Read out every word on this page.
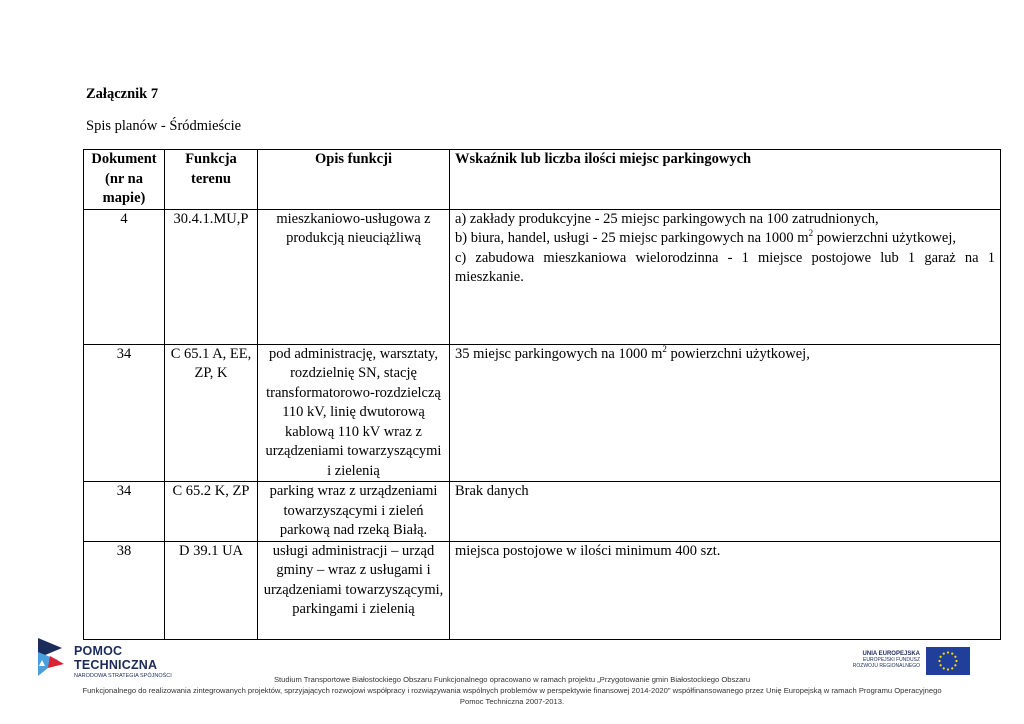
Załącznik 7
Spis planów - Śródmieście
Dokument (nr na mapie)	Funkcja terenu	Opis funkcji	Wskaźnik lub liczba ilości miejsc parkingowych
4	30.4.1.MU,P	mieszkaniowo-usługowa z produkcją nieuciążliwą	a) zakłady produkcyjne - 25 miejsc parkingowych na 100 zatrudnionych,
b) biura, handel, usługi - 25 miejsc parkingowych na 1000 $m^2$ powierzchni użytkowej,
c) zabudowa mieszkaniowa wielorodzinna - 1 miejsce postojowe lub 1 garaż na 1 mieszkanie.

34	C 65.1 A, EE, ZP, K	pod administrację, warsztaty, rozdzielnię SN, stację transformatorowo-rozdzielczą 110 kV, linię dwutorową kablową 110 kV wraz z urządzeniami towarzyszącymi i zielenią	35 miejsc parkingowych na 1000 $m^2$ powierzchni użytkowej,
34	C 65.2 K, ZP	parking wraz z urządzeniami towarzyszącymi i zieleń parkową nad rzeką Białą.	Brak danych
38	D 39.1 UA	usługi administracji – urząd gminy – wraz z usługami i urządzeniami towarzyszącymi, parkingami i zielenią	miejsca postojowe w ilości minimum 400 szt.
POMOC TECHNICZNA
NARODOWA STRATEGIA SPÓJNOŚCI
UNIA EUROPEJSKA
EUROPEJSKI FUNDUSZ
ROZWOJU REGIONALNEGO
Studium Transportowe Białostockiego Obszaru Funkcjonalnego opracowano w ramach projektu „Przygotowanie gmin Białostockiego Obszaru
Funkcjonalnego do realizowania zintegrowanych projektów, sprzyjających rozwojowi współpracy i rozwiązywania wspólnych problemów w perspektywie finansowej 2014-2020" współfinansowanego przez Unię Europejską w ramach Programu Operacyjnego
Pomoc Techniczna 2007-2013.
